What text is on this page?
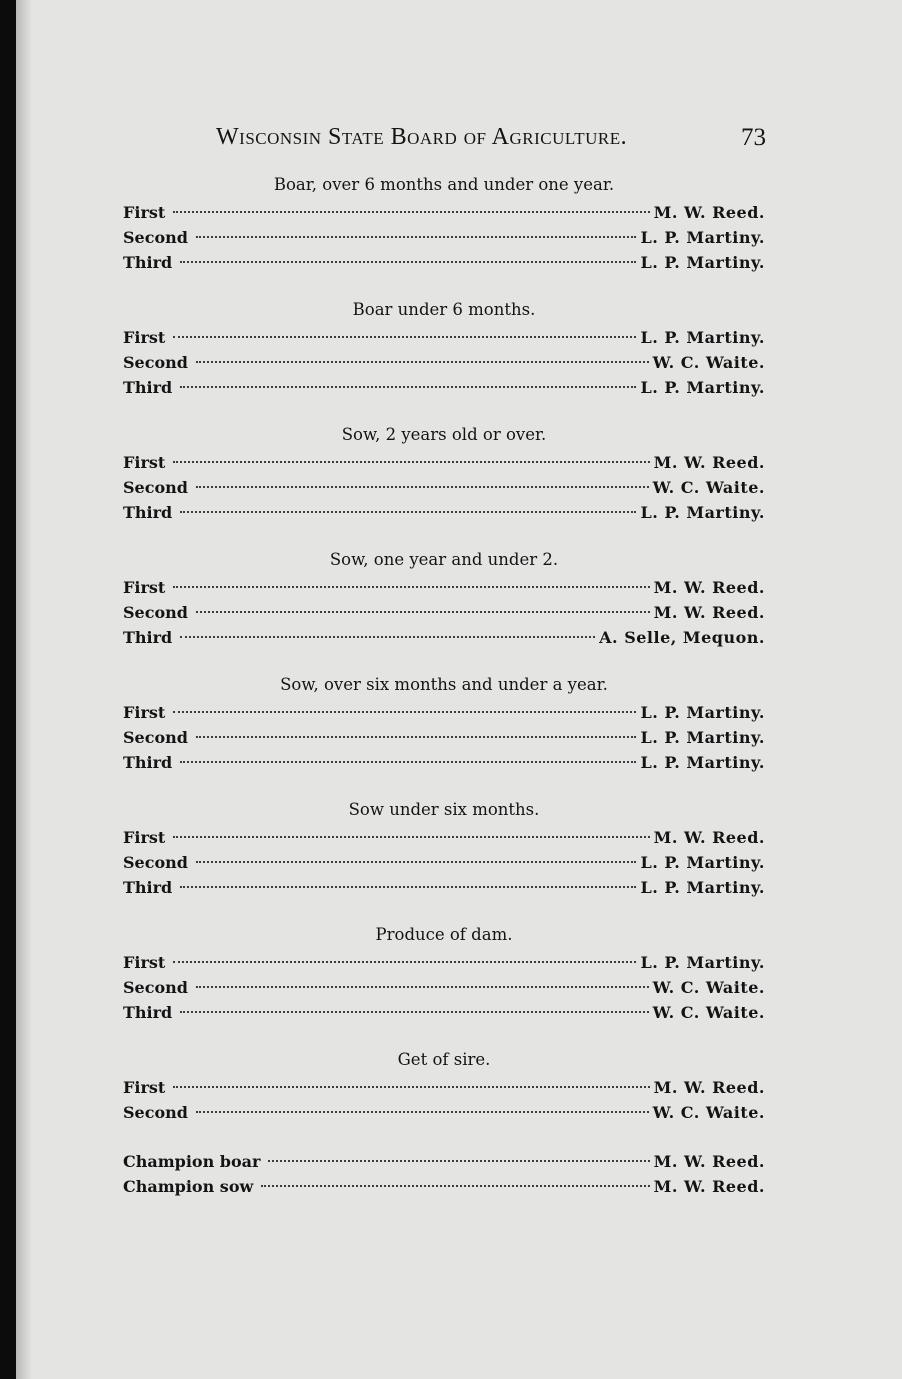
Wisconsin State Board of Agriculture.	73
Boar, over 6 months and under one year.
First	M. W. Reed.
Second	L. P. Martiny.
Third	L. P. Martiny.
Boar under 6 months.
First	L. P. Martiny.
Second	W. C. Waite.
Third	L. P. Martiny.
Sow, 2 years old or over.
First	M. W. Reed.
Second	W. C. Waite.
Third	L. P. Martiny.
Sow, one year and under 2.
First	M. W. Reed.
Second	M. W. Reed.
Third	A. Selle, Mequon.
Sow, over six months and under a year.
First	L. P. Martiny.
Second	L. P. Martiny.
Third	L. P. Martiny.
Sow under six months.
First	M. W. Reed.
Second	L. P. Martiny.
Third	L. P. Martiny.
Produce of dam.
First	L. P. Martiny.
Second	W. C. Waite.
Third	W. C. Waite.
Get of sire.
First	M. W. Reed.
Second	W. C. Waite.
Champion boar	M. W. Reed.
Champion sow	M. W. Reed.
